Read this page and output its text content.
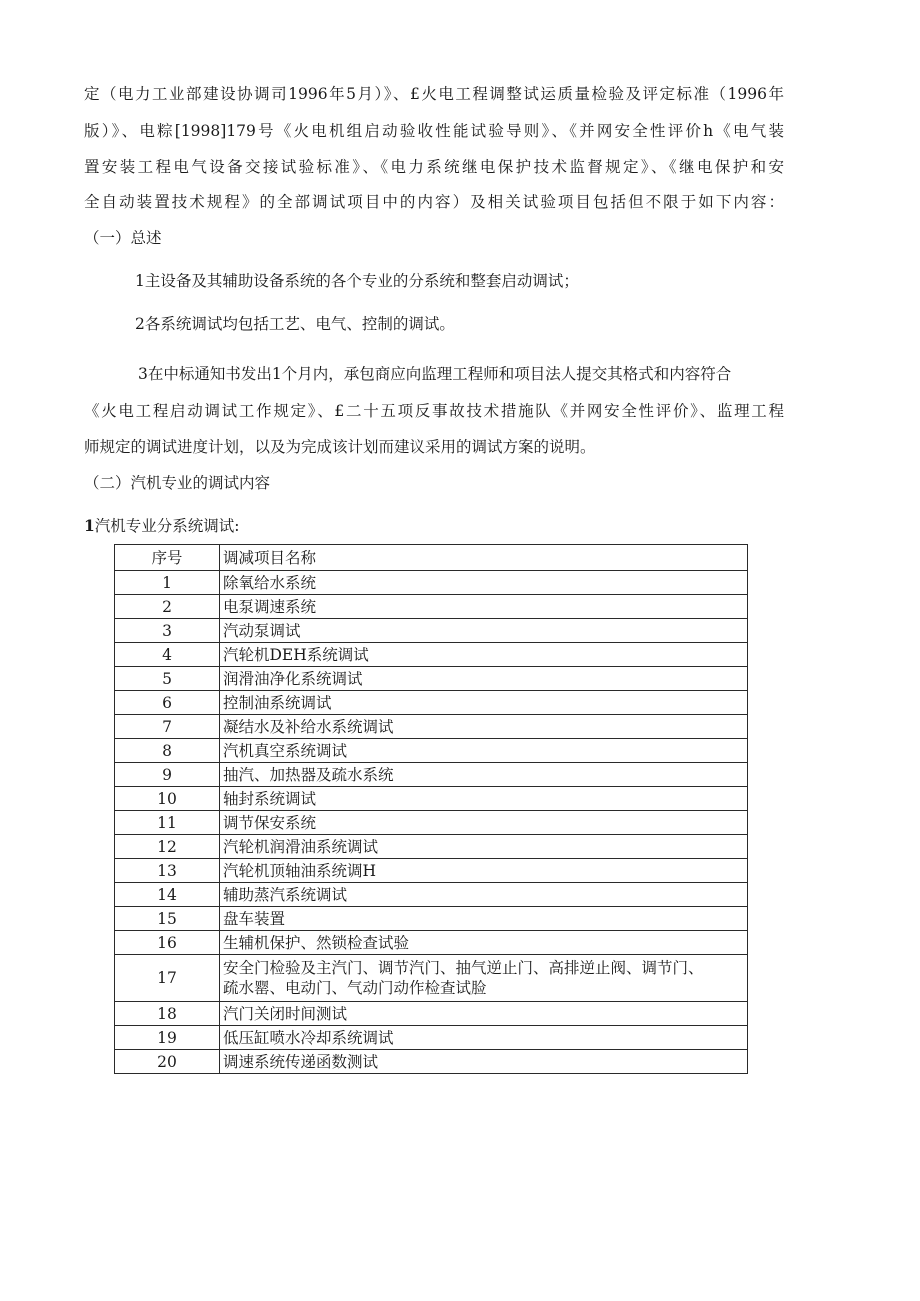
定（电力工业部建设协调司1996年5月）》、£火电工程调整试运质量检验及评定标准（1996年
版）》、电粽[1998]179号《火电机组启动验收性能试验导则》、《并网安全性评价h《电气装
置安装工程电气设备交接试验标准》、《电力系统继电保护技术监督规定》、《继电保护和安
全自动装置技术规程》的全部调试项目中的内容）及相关试验项目包括但不限于如下内容：
（一）总述
1主设备及其辅助设备系统的各个专业的分系统和整套启动调试；
2各系统调试均包括工艺、电气、控制的调试。
3在中标通知书发出1个月内，承包商应向监理工程师和项目法人提交其格式和内容符合
《火电工程启动调试工作规定》、£二十五项反事故技术措施队《并网安全性评价》、监理工程
师规定的调试进度计划，以及为完成该计划而建议采用的调试方案的说明。
（二）汽机专业的调试内容
1汽机专业分系统调试:
序号	调减项目名称
1	除氧给水系统
2	电泵调速系统
3	汽动泵调试
4	汽轮机DEH系统调试
5	润滑油净化系统调试
6	控制油系统调试
7	凝结水及补给水系统调试
8	汽机真空系统调试
9	抽汽、加热器及疏水系统
10	轴封系统调试
11	调节保安系统
12	汽轮机润滑油系统调试
13	汽轮机顶轴油系统调H
14	辅助蒸汽系统调试
15	盘车装置
16	生辅机保护、然锁检查试验
17	安全门检验及主汽门、调节汽门、抽气逆止门、高排逆止阀、调节门、
疏水罂、电动门、气动门动作检查试脸

18	汽门关闭时间测试
19	低压缸喷水冷却系统调试
20	调速系统传递函数测试
